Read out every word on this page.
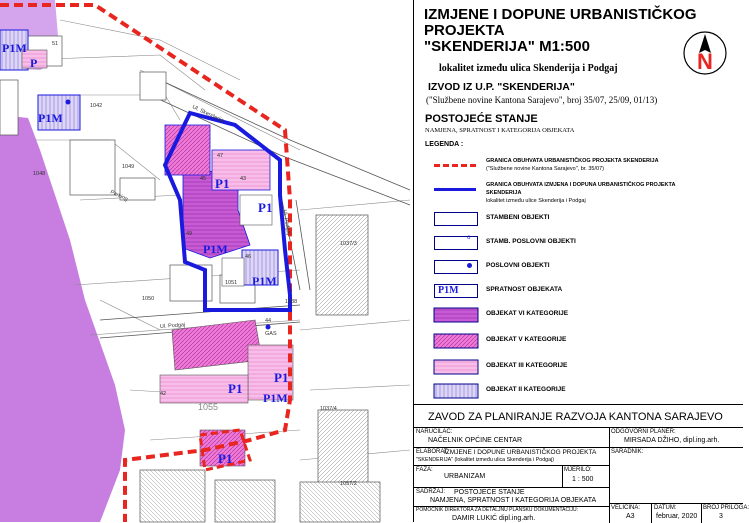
1042
1048
1049
1050
1051
1037/3
1037/4
1057/2
1038
46
44
42
47
49
45	43
51
GAS
Parking
Ul. Skenderija
Ul. Podgaj
Ul. Podgaj
1055
P1M
P1M
P1M
P1M
P1M
P1
P1
P1
P1
P1
P
IZMJENE I DOPUNE URBANISTIČKOG
PROJEKTA
"SKENDERIJA" M1:500
N
lokalitet između ulica Skenderija i Podgaj
IZVOD IZ U.P. "SKENDERIJA"
("Službene novine Kantona Sarajevo", broj 35/07, 25/09, 01/13)
POSTOJEĆE STANJE
NAMJENA, SPRATNOST I KATEGORIJA OBJEKATA
LEGENDA :
GRANICA OBUHVATA URBANISTIČKOG PROJEKTA SKENDERIJA
("Službene novine Kantona Sarajevo", br. 35/07)
GRANICA OBUHVATA IZMJENA I DOPUNA URBANISTIČKOG PROJEKTA
SKENDERIJA
lokalitet između ulice Skenderija i Podgaj
STAMBENI OBJEKTI
o STAMB. POSLOVNI OBJEKTI
POSLOVNI OBJEKTI
P1M	SPRATNOST OBJEKATA
OBJEKAT VI KATEGORIJE
OBJEKAT V KATEGORIJE
OBJEKAT III KATEGORIJE
OBJEKAT II KATEGORIJE
ZAVOD ZA PLANIRANJE RAZVOJA KANTONA SARAJEVO
NARUČILAC:
NAČELNIK OPĆINE CENTAR
ELABORAT:
IZMJENE I DOPUNE URBANISTIČKOG PROJEKTA
"SKENDERIJA" (lokalitet između ulica Skenderija i Podgaj)
FAZA:
URBANIZAM
MJERILO:
1 : 500
SADRŽAJ: POSTOJEĆE STANJE
NAMJENA, SPRATNOST I KATEGORIJA OBJEKATA
POMOĆNIK DIREKTORA ZA DETALJNU PLANSKU DOKUMENTACIJU:
DAMIR LUKIĆ dipl.ing.arh.
ODGOVORNI PLANER:
MIRSADA DŽIHO, dipl.ing.arh.
SARADNIK:
VELIČINA:
A3
DATUM:
februar, 2020
BROJ PRILOGA:
3
